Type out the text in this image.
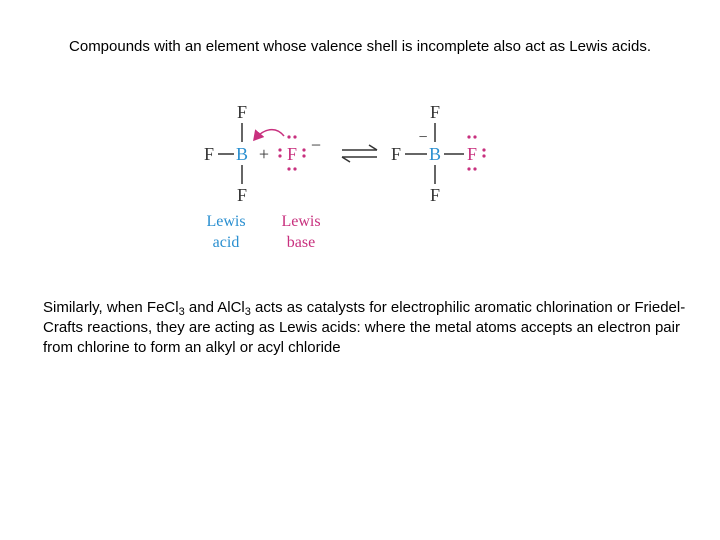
Compounds with an element whose valence shell is incomplete also act as Lewis acids.
F
F B
F
+ F −
F
F
−
B F
F
Lewis
acid
Lewis
base
Similarly, when FeCl$_3$ and AlCl$_3$ acts as catalysts for electrophilic aromatic chlorination or Friedel-Crafts reactions, they are acting as Lewis acids: where the metal atoms accepts an electron pair from chlorine to form an alkyl or acyl chloride
